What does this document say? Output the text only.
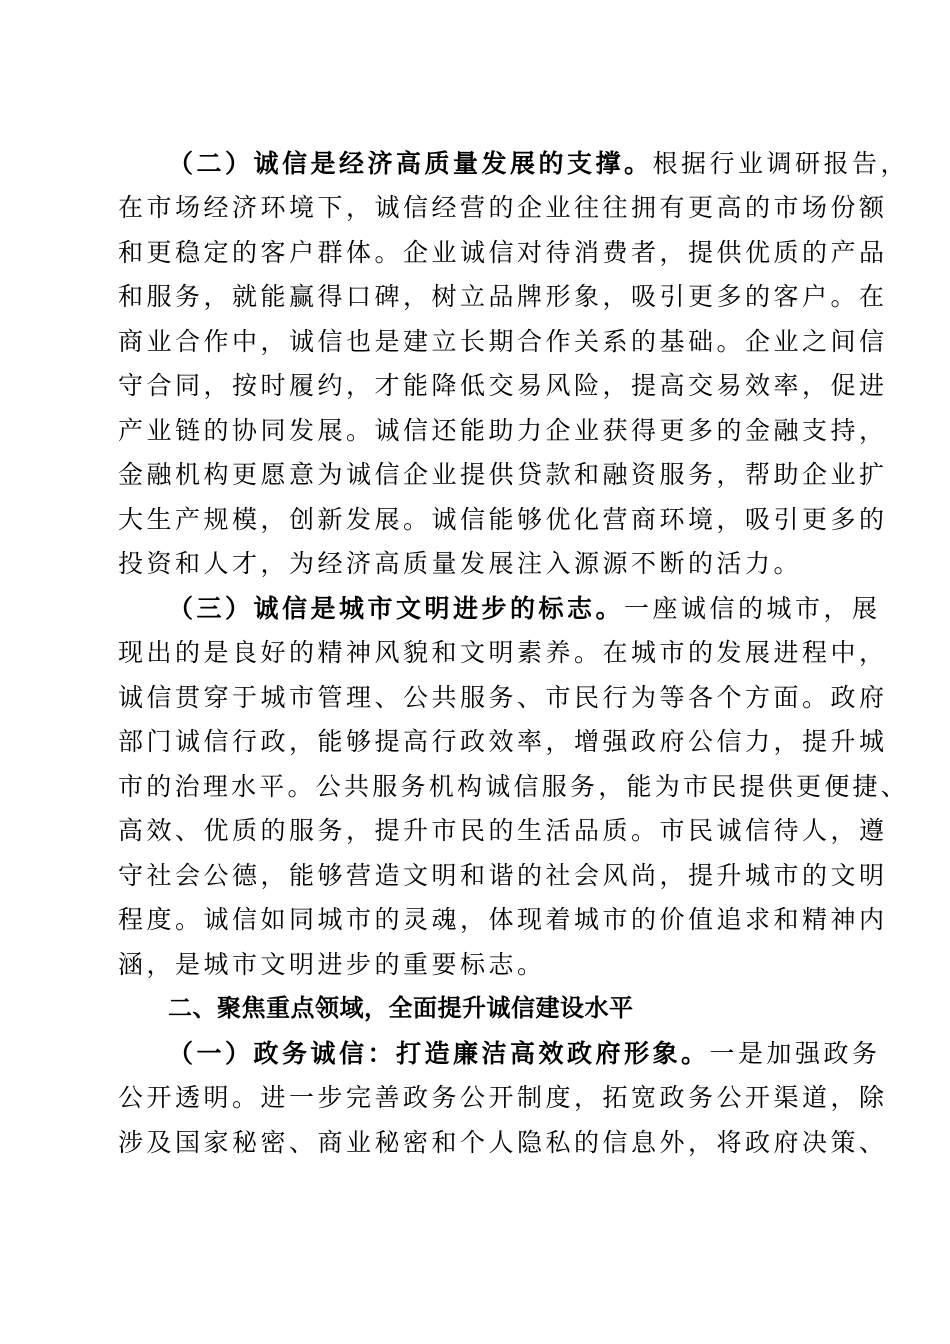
（二）诚信是经济高质量发展的支撑。根据行业调研报告，
在市场经济环境下，诚信经营的企业往往拥有更高的市场份额
和更稳定的客户群体。企业诚信对待消费者，提供优质的产品
和服务，就能赢得口碑，树立品牌形象，吸引更多的客户。在
商业合作中，诚信也是建立长期合作关系的基础。企业之间信
守合同，按时履约，才能降低交易风险，提高交易效率，促进
产业链的协同发展。诚信还能助力企业获得更多的金融支持，
金融机构更愿意为诚信企业提供贷款和融资服务，帮助企业扩
大生产规模，创新发展。诚信能够优化营商环境，吸引更多的
投资和人才，为经济高质量发展注入源源不断的活力。
（三）诚信是城市文明进步的标志。一座诚信的城市，展
现出的是良好的精神风貌和文明素养。在城市的发展进程中，
诚信贯穿于城市管理、公共服务、市民行为等各个方面。政府
部门诚信行政，能够提高行政效率，增强政府公信力，提升城
市的治理水平。公共服务机构诚信服务，能为市民提供更便捷、
高效、优质的服务，提升市民的生活品质。市民诚信待人，遵
守社会公德，能够营造文明和谐的社会风尚，提升城市的文明
程度。诚信如同城市的灵魂，体现着城市的价值追求和精神内
涵，是城市文明进步的重要标志。
二、聚焦重点领域，全面提升诚信建设水平
（一）政务诚信：打造廉洁高效政府形象。一是加强政务
公开透明。进一步完善政务公开制度，拓宽政务公开渠道，除
涉及国家秘密、商业秘密和个人隐私的信息外，将政府决策、
